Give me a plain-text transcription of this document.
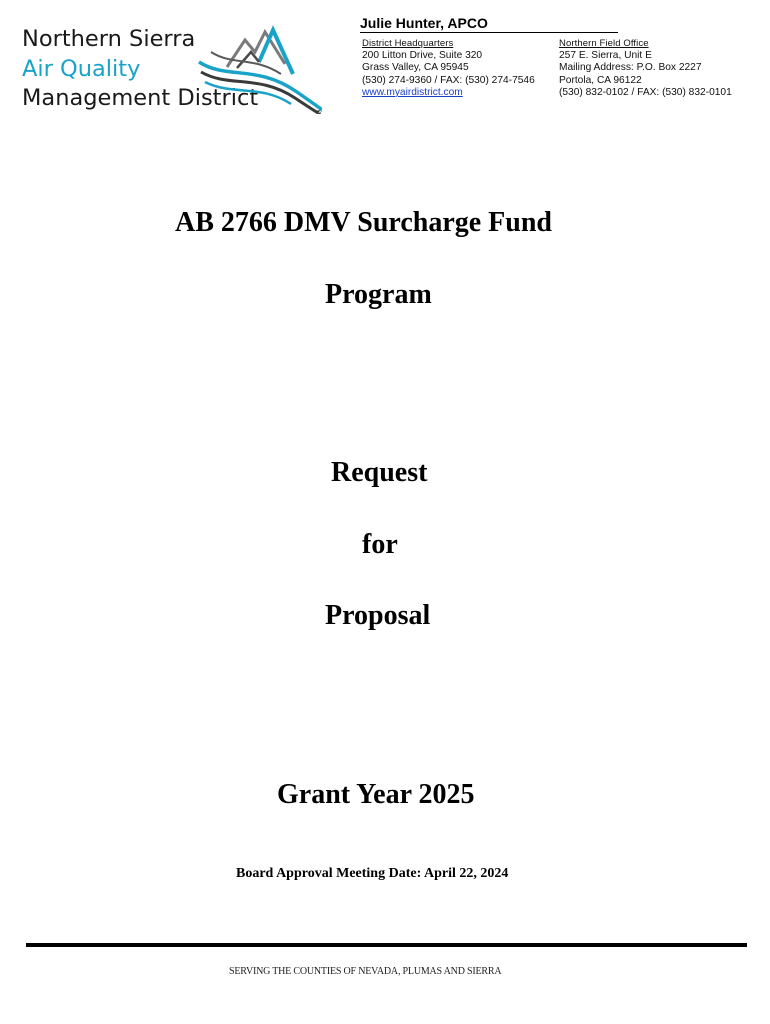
Northern Sierra
Air Quality
Management District
Julie Hunter, APCO
District Headquarters
200 Litton Drive, Suite 320
Grass Valley, CA 95945
(530) 274-9360 / FAX: (530) 274-7546
www.myairdistrict.com
Northern Field Office
257 E. Sierra, Unit E
Mailing Address: P.O. Box 2227
Portola, CA 96122
(530) 832-0102 / FAX: (530) 832-0101
AB 2766 DMV Surcharge Fund
Program
Request
for
Proposal
Grant Year 2025
Board Approval Meeting Date: April 22, 2024
SERVING THE COUNTIES OF NEVADA, PLUMAS AND SIERRA
